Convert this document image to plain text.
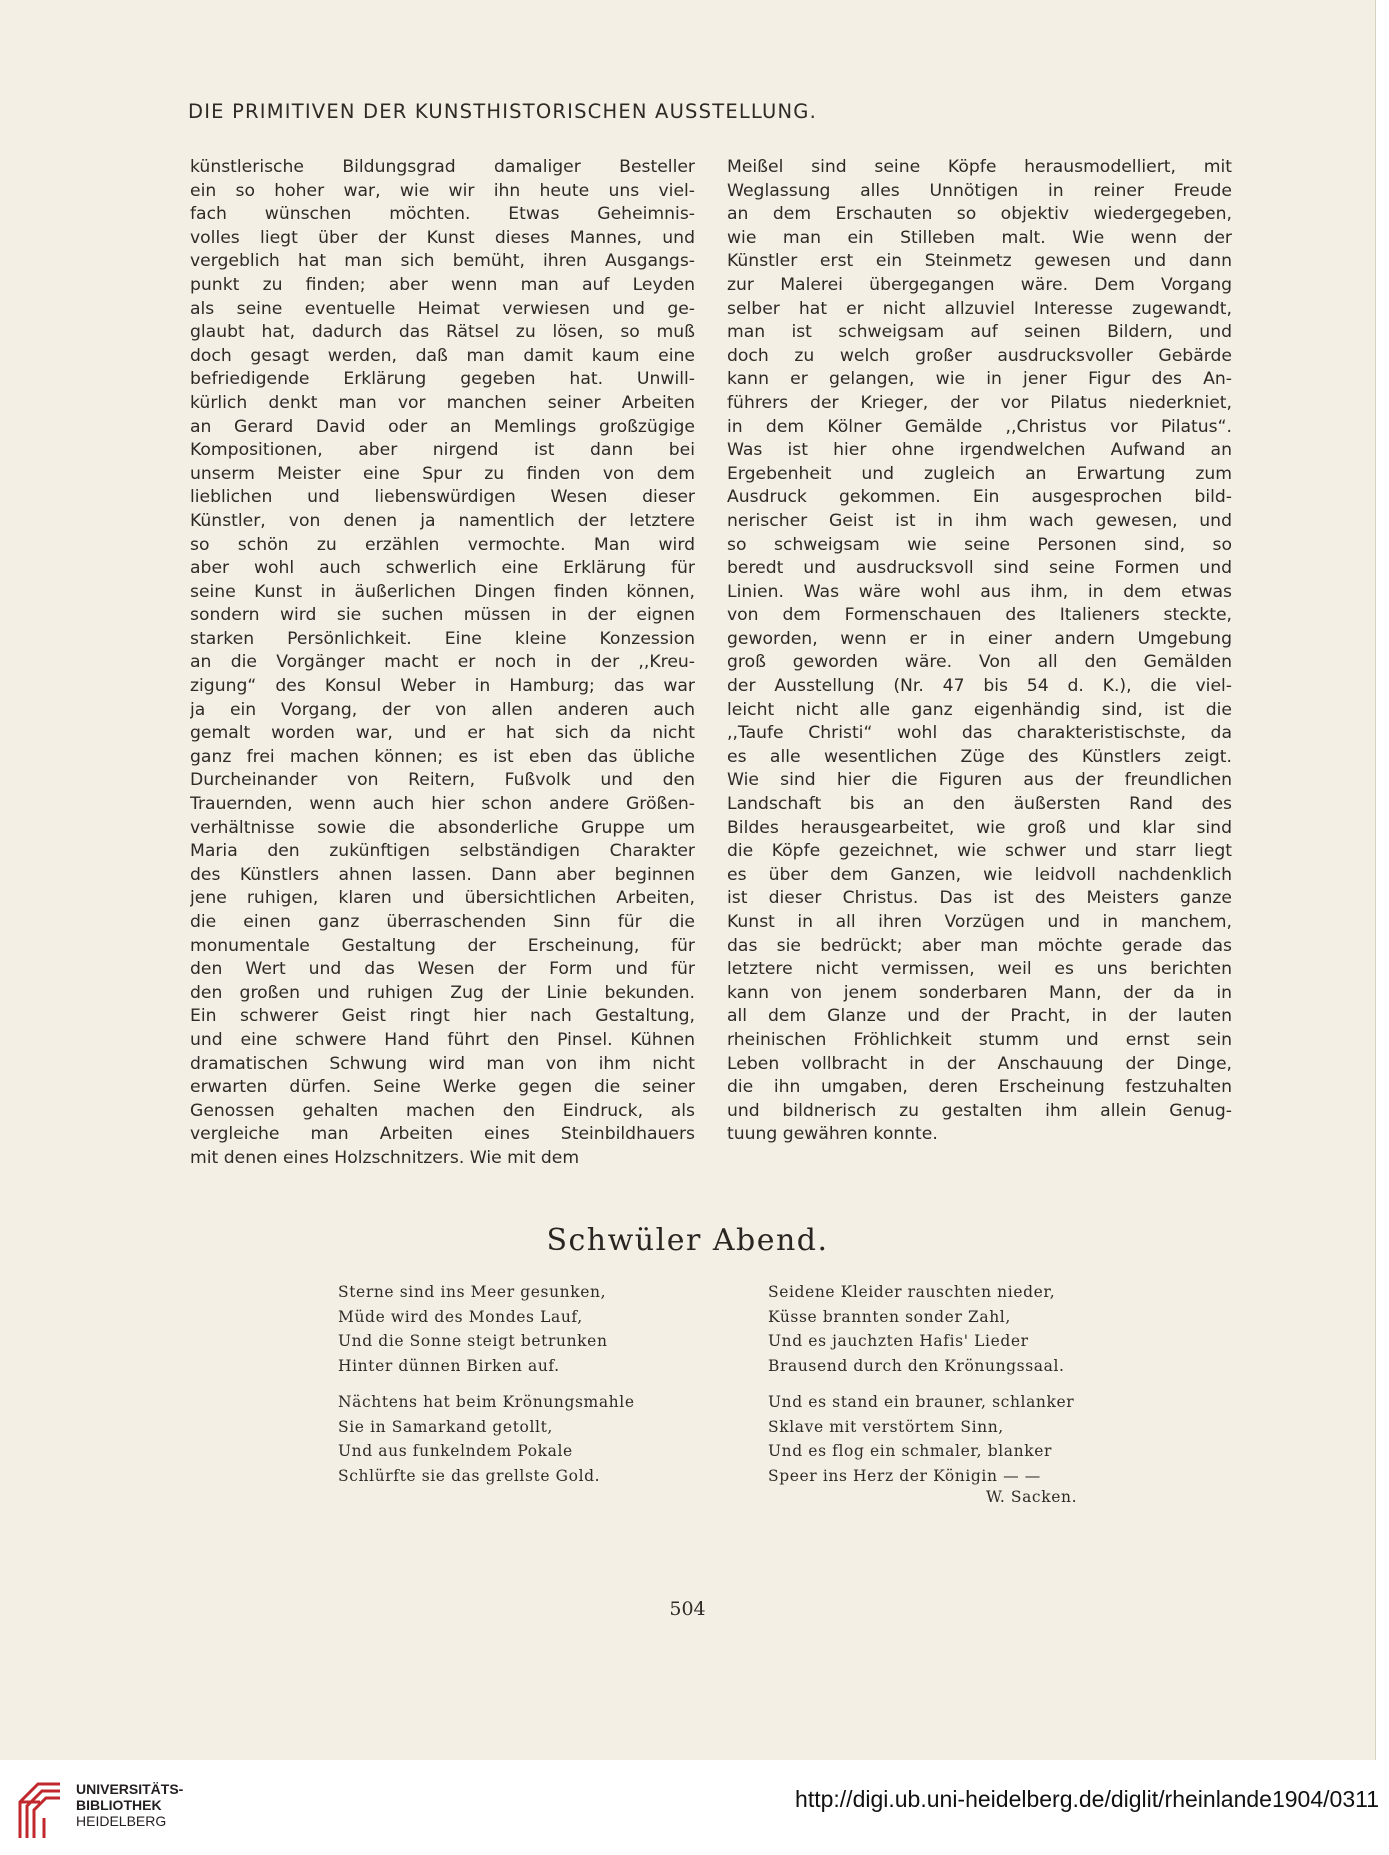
DIE PRIMITIVEN DER KUNSTHISTORISCHEN AUSSTELLUNG.
künstlerische Bildungsgrad damaliger Besteller
ein so hoher war, wie wir ihn heute uns viel-
fach wünschen möchten. Etwas Geheimnis-
volles liegt über der Kunst dieses Mannes, und
vergeblich hat man sich bemüht, ihren Ausgangs-
punkt zu finden; aber wenn man auf Leyden
als seine eventuelle Heimat verwiesen und ge-
glaubt hat, dadurch das Rätsel zu lösen, so muß
doch gesagt werden, daß man damit kaum eine
befriedigende Erklärung gegeben hat. Unwill-
kürlich denkt man vor manchen seiner Arbeiten
an Gerard David oder an Memlings großzügige
Kompositionen, aber nirgend ist dann bei
unserm Meister eine Spur zu finden von dem
lieblichen und liebenswürdigen Wesen dieser
Künstler, von denen ja namentlich der letztere
so schön zu erzählen vermochte. Man wird
aber wohl auch schwerlich eine Erklärung für
seine Kunst in äußerlichen Dingen finden können,
sondern wird sie suchen müssen in der eignen
starken Persönlichkeit. Eine kleine Konzession
an die Vorgänger macht er noch in der ,,Kreu-
zigung“ des Konsul Weber in Hamburg; das war
ja ein Vorgang, der von allen anderen auch
gemalt worden war, und er hat sich da nicht
ganz frei machen können; es ist eben das übliche
Durcheinander von Reitern, Fußvolk und den
Trauernden, wenn auch hier schon andere Größen-
verhältnisse sowie die absonderliche Gruppe um
Maria den zukünftigen selbständigen Charakter
des Künstlers ahnen lassen. Dann aber beginnen
jene ruhigen, klaren und übersichtlichen Arbeiten,
die einen ganz überraschenden Sinn für die
monumentale Gestaltung der Erscheinung, für
den Wert und das Wesen der Form und für
den großen und ruhigen Zug der Linie bekunden.
Ein schwerer Geist ringt hier nach Gestaltung,
und eine schwere Hand führt den Pinsel. Kühnen
dramatischen Schwung wird man von ihm nicht
erwarten dürfen. Seine Werke gegen die seiner
Genossen gehalten machen den Eindruck, als
vergleiche man Arbeiten eines Steinbildhauers
mit denen eines Holzschnitzers. Wie mit dem
Meißel sind seine Köpfe herausmodelliert, mit
Weglassung alles Unnötigen in reiner Freude
an dem Erschauten so objektiv wiedergegeben,
wie man ein Stilleben malt. Wie wenn der
Künstler erst ein Steinmetz gewesen und dann
zur Malerei übergegangen wäre. Dem Vorgang
selber hat er nicht allzuviel Interesse zugewandt,
man ist schweigsam auf seinen Bildern, und
doch zu welch großer ausdrucksvoller Gebärde
kann er gelangen, wie in jener Figur des An-
führers der Krieger, der vor Pilatus niederkniet,
in dem Kölner Gemälde ,,Christus vor Pilatus“.
Was ist hier ohne irgendwelchen Aufwand an
Ergebenheit und zugleich an Erwartung zum
Ausdruck gekommen. Ein ausgesprochen bild-
nerischer Geist ist in ihm wach gewesen, und
so schweigsam wie seine Personen sind, so
beredt und ausdrucksvoll sind seine Formen und
Linien. Was wäre wohl aus ihm, in dem etwas
von dem Formenschauen des Italieners steckte,
geworden, wenn er in einer andern Umgebung
groß geworden wäre. Von all den Gemälden
der Ausstellung (Nr. 47 bis 54 d. K.), die viel-
leicht nicht alle ganz eigenhändig sind, ist die
,,Taufe Christi“ wohl das charakteristischste, da
es alle wesentlichen Züge des Künstlers zeigt.
Wie sind hier die Figuren aus der freundlichen
Landschaft bis an den äußersten Rand des
Bildes herausgearbeitet, wie groß und klar sind
die Köpfe gezeichnet, wie schwer und starr liegt
es über dem Ganzen, wie leidvoll nachdenklich
ist dieser Christus. Das ist des Meisters ganze
Kunst in all ihren Vorzügen und in manchem,
das sie bedrückt; aber man möchte gerade das
letztere nicht vermissen, weil es uns berichten
kann von jenem sonderbaren Mann, der da in
all dem Glanze und der Pracht, in der lauten
rheinischen Fröhlichkeit stumm und ernst sein
Leben vollbracht in der Anschauung der Dinge,
die ihn umgaben, deren Erscheinung festzuhalten
und bildnerisch zu gestalten ihm allein Genug-
tuung gewähren konnte.
Schwüler Abend.
Sterne sind ins Meer gesunken,
Müde wird des Mondes Lauf,
Und die Sonne steigt betrunken
Hinter dünnen Birken auf.
Nächtens hat beim Krönungsmahle
Sie in Samarkand getollt,
Und aus funkelndem Pokale
Schlürfte sie das grellste Gold.
Seidene Kleider rauschten nieder,
Küsse brannten sonder Zahl,
Und es jauchzten Hafis' Lieder
Brausend durch den Krönungssaal.
Und es stand ein brauner, schlanker
Sklave mit verstörtem Sinn,
Und es flog ein schmaler, blanker
Speer ins Herz der Königin — —
W. Sacken.
504
UNIVERSITÄTS-
BIBLIOTHEK
HEIDELBERG
http://digi.ub.uni-heidelberg.de/diglit/rheinlande1904/0311
